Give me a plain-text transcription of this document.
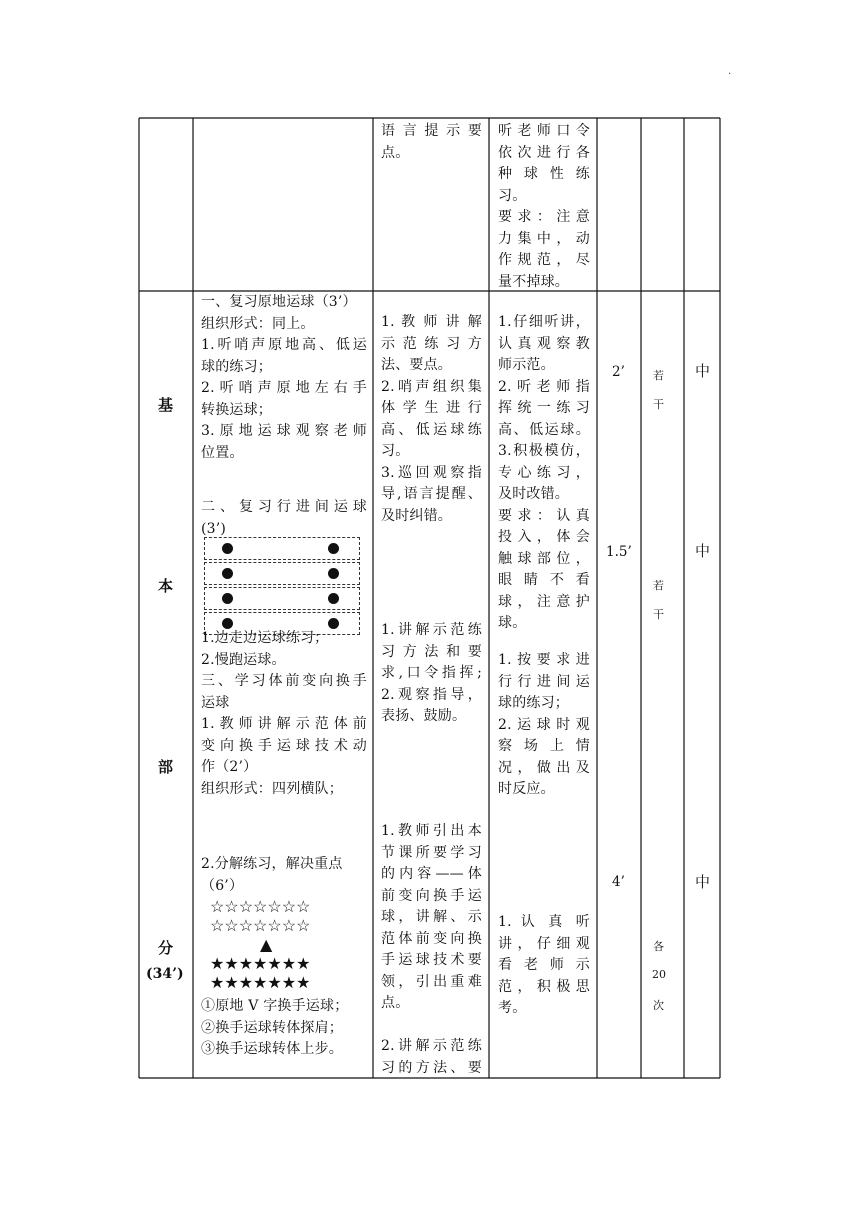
.
语 言 提 示 要
点。
听老师口令
依次进行各
种 球 性 练
习。
要求：注意
力集中，动
作规范，尽
量不掉球。
基
本
部
分
(34’)
一、复习原地运球（3’）
组织形式：同上。
1.听哨声原地高、低运
球的练习；
2.听哨声原地左右手
转换运球；
3.原地运球观察老师
位置。
二、复习行进间运球
(3’)
1.边走边运球练习；
2.慢跑运球。
三、学习体前变向换手
运球
1.教师讲解示范体前
变向换手运球技术动
作（2’）
组织形式：四列横队；
2.分解练习，解决重点
（6’）
☆☆☆☆☆☆☆
☆☆☆☆☆☆☆
▲
★★★★★★★
★★★★★★★
①原地 V 字换手运球；
②换手运球转体探肩；
③换手运球转体上步。
1. 教 师 讲 解
示 范 练 习 方
法、要点。
2.哨声组织集
体 学 生 进 行
高、低运球练
习。
3.巡回观察指
导,语言提醒、
及时纠错。
1.讲解示范练
习 方 法 和 要
求,口令指挥;
2.观察指导，
表扬、鼓励。
1.教师引出本
节课所要学习
的内容——体
前变向换手运
球，讲解、示
范体前变向换
手运球技术要
领，引出重难
点。
2.讲解示范练
习的方法、要
1.仔细听讲，
认真观察教
师示范。
2.听老师指
挥统一练习
高、低运球。
3.积极模仿，
专心练习，
及时改错。
要求：认真
投入，体会
触球部位，
眼 睛 不 看
球，注意护
球。
1.按要求进
行行进间运
球的练习；
2.运球时观
察 场 上 情
况，做出及
时反应。
1. 认 真 听
讲，仔细观
看 老 师 示
范，积极思
考。
2’
1.5’
4’
若
干
若
干
各
20
次
中
中
中
